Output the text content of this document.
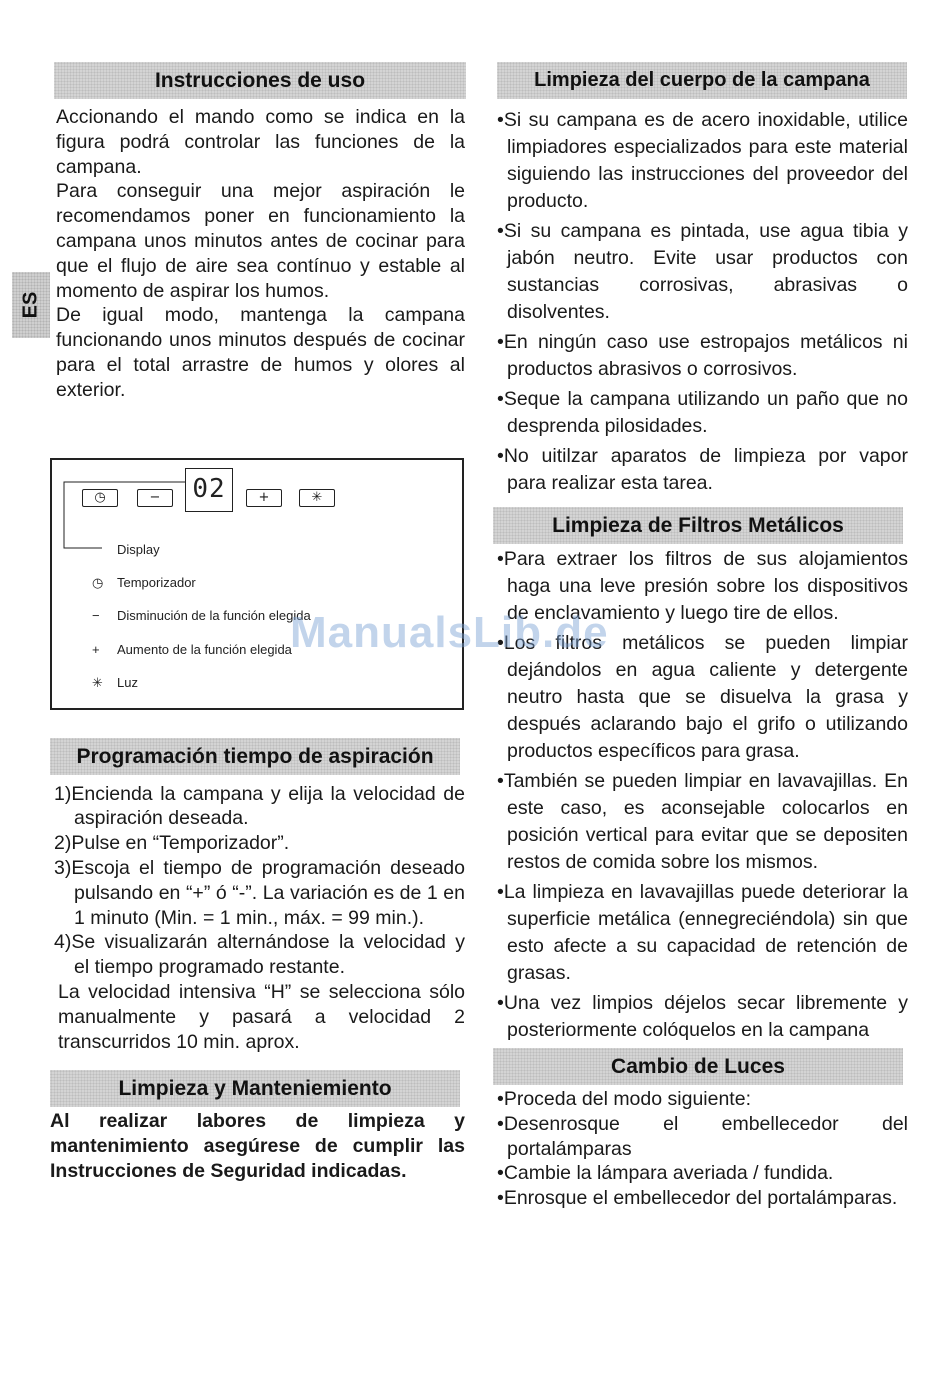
ES
Instrucciones de uso

Accionando el mando como se indica en la figura podrá controlar las funciones de la campana.

Para conseguir una mejor aspiración le recomendamos poner en funcionamiento la campana unos minutos antes de cocinar para que el flujo de aire sea contínuo y estable al momento de aspirar los humos.

De igual modo, mantenga la campana funcionando unos minutos después de cocinar para el total arrastre de humos y olores al exterior.

◷	−	02	+	✳
Display
◷	Temporizador
−	Disminución de la función elegida
+	Aumento de la función elegida
✳	Luz
Programación tiempo de aspiración
1)Encienda la campana y elija la velocidad de aspiración deseada.
2)Pulse en “Temporizador”.
3)Escoja el tiempo de programación deseado pulsando en “+” ó “-”. La variación es de 1 en 1 minuto (Min. = 1 min., máx. = 99 min.).
4)Se visualizarán alternándose la velocidad y el tiempo programado restante.
La velocidad intensiva “H” se selecciona sólo manualmente y pasará a velocidad 2 transcurridos 10 min. aprox.
Limpieza y Manteniemiento

Al realizar labores de limpieza y mantenimiento asegúrese de cumplir las Instrucciones de Seguridad indicadas.

Limpieza del cuerpo de la campana
•Si su campana es de acero inoxidable, utilice limpiadores especializados para este material siguiendo las instrucciones del proveedor del producto.
•Si su campana es pintada, use agua tibia y jabón neutro. Evite usar productos con sustancias corrosivas, abrasivas o disolventes.
•En ningún caso use estropajos metálicos ni productos abrasivos o corrosivos.
•Seque la campana utilizando un paño que no desprenda pilosidades.
•No uitilzar aparatos de limpieza por vapor para realizar esta tarea.
Limpieza de Filtros Metálicos
•Para extraer los filtros de sus alojamientos haga una leve presión sobre los dispositivos de enclavamiento y luego tire de ellos.
•Los filtros metálicos se pueden limpiar dejándolos en agua caliente y detergente neutro hasta que se disuelva la grasa y después aclarando bajo el grifo o utilizando productos específicos para grasa.
•También se pueden limpiar en lavavajillas. En este caso, es aconsejable colocarlos en posición vertical para evitar que se depositen restos de comida sobre los mismos.
•La limpieza en lavavajillas puede deteriorar la superficie metálica (ennegreciéndola) sin que esto afecte a su capacidad de retención de grasas.
•Una vez limpios déjelos secar libremente y posteriormente colóquelos en la campana
Cambio de Luces
•Proceda del modo siguiente:
•Desenrosque el embellecedor del portalámparas
•Cambie la lámpara averiada / fundida.
•Enrosque el embellecedor del portalámparas.
ManualsLib.de
